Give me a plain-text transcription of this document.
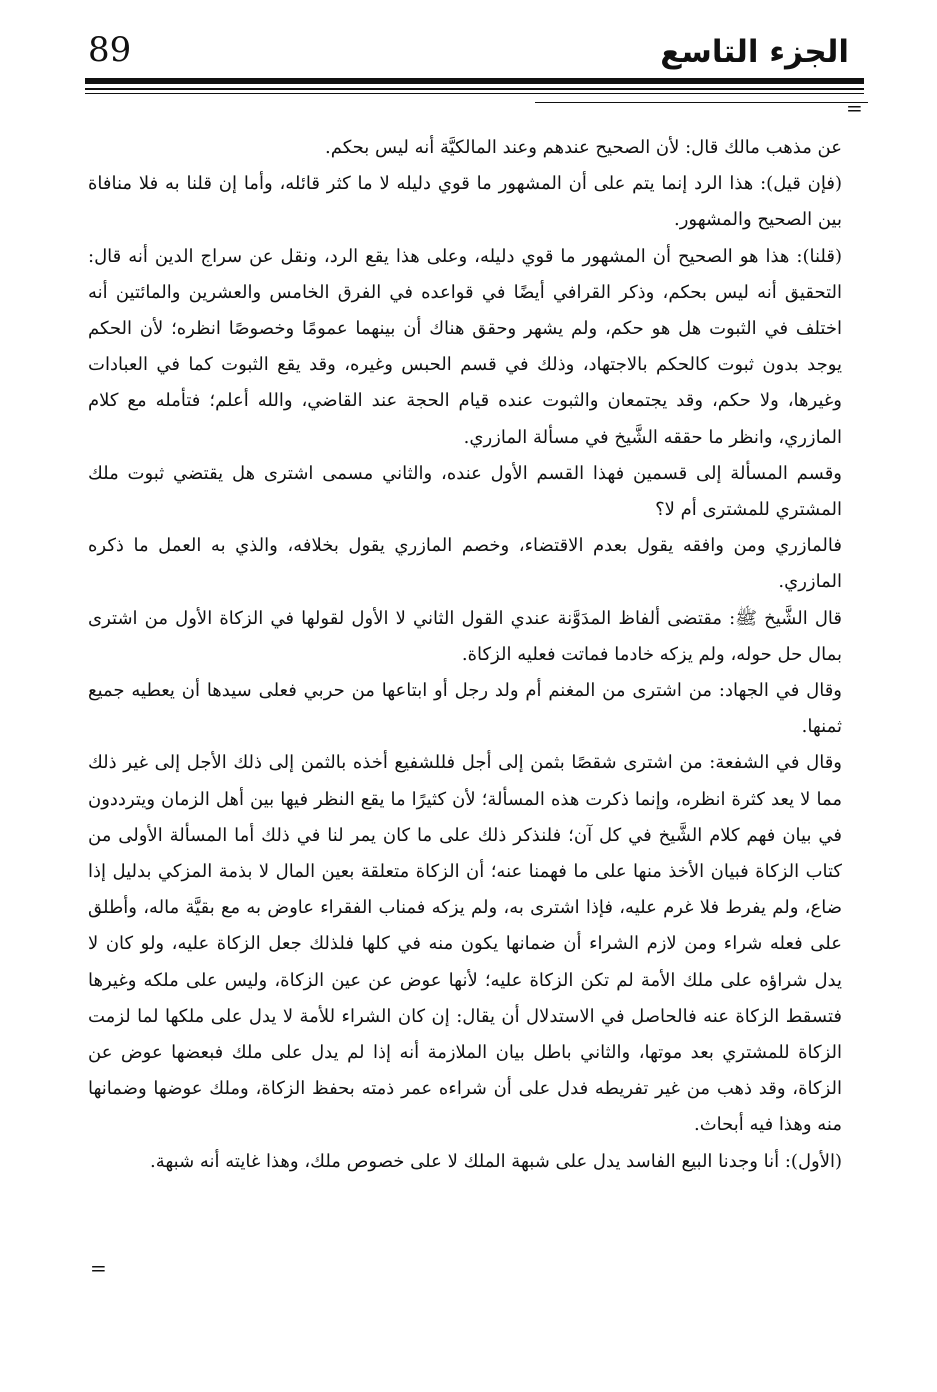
89	الجزء التاسع
=

عن مذهب مالك قال: لأن الصحيح عندهم وعند المالكيَّة أنه ليس بحكم.

(فإن قيل): هذا الرد إنما يتم على أن المشهور ما قوي دليله لا ما كثر قائله، وأما إن قلنا به فلا منافاة بين الصحيح والمشهور.

(قلنا): هذا هو الصحيح أن المشهور ما قوي دليله، وعلى هذا يقع الرد، ونقل عن سراج الدين أنه قال: التحقيق أنه ليس بحكم، وذكر القرافي أيضًا في قواعده في الفرق الخامس والعشرين والمائتين أنه اختلف في الثبوت هل هو حكم، ولم يشهر وحقق هناك أن بينهما عمومًا وخصوصًا انظره؛ لأن الحكم يوجد بدون ثبوت كالحكم بالاجتهاد، وذلك في قسم الحبس وغيره، وقد يقع الثبوت كما في العبادات وغيرها، ولا حكم، وقد يجتمعان والثبوت عنده قيام الحجة عند القاضي، والله أعلم؛ فتأمله مع كلام المازري، وانظر ما حققه الشَّيخ في مسألة المازري.

وقسم المسألة إلى قسمين فهذا القسم الأول عنده، والثاني مسمى اشترى هل يقتضي ثبوت ملك المشتري للمشترى أم لا؟

فالمازري ومن وافقه يقول بعدم الاقتضاء، وخصم المازري يقول بخلافه، والذي به العمل ما ذكره المازري.

قال الشَّيخ ﷺ: مقتضى ألفاظ المدَوَّنة عندي القول الثاني لا الأول لقولها في الزكاة الأول من اشترى بمال حل حوله، ولم يزكه خادما فماتت فعليه الزكاة.

وقال في الجهاد: من اشترى من المغنم أم ولد رجل أو ابتاعها من حربي فعلى سيدها أن يعطيه جميع ثمنها.

وقال في الشفعة: من اشترى شقصًا بثمن إلى أجل فللشفيع أخذه بالثمن إلى ذلك الأجل إلى غير ذلك مما لا يعد كثرة انظره، وإنما ذكرت هذه المسألة؛ لأن كثيرًا ما يقع النظر فيها بين أهل الزمان ويترددون في بيان فهم كلام الشَّيخ في كل آن؛ فلنذكر ذلك على ما كان يمر لنا في ذلك أما المسألة الأولى من كتاب الزكاة فبيان الأخذ منها على ما فهمنا عنه؛ أن الزكاة متعلقة بعين المال لا بذمة المزكي بدليل إذا ضاع، ولم يفرط فلا غرم عليه، فإذا اشترى به، ولم يزكه فمناب الفقراء عاوض به مع بقيَّة ماله، وأطلق على فعله شراء ومن لازم الشراء أن ضمانها يكون منه في كلها فلذلك جعل الزكاة عليه، ولو كان لا يدل شراؤه على ملك الأمة لم تكن الزكاة عليه؛ لأنها عوض عن عين الزكاة، وليس على ملكه وغيرها فتسقط الزكاة عنه فالحاصل في الاستدلال أن يقال: إن كان الشراء للأمة لا يدل على ملكها لما لزمت الزكاة للمشتري بعد موتها، والثاني باطل بيان الملازمة أنه إذا لم يدل على ملك فبعضها عوض عن الزكاة، وقد ذهب من غير تفريطه فدل على أن شراءه عمر ذمته بحفظ الزكاة، وملك عوضها وضمانها منه وهذا فيه أبحاث.

(الأول): أنا وجدنا البيع الفاسد يدل على شبهة الملك لا على خصوص ملك، وهذا غايته أنه شبهة.

=
